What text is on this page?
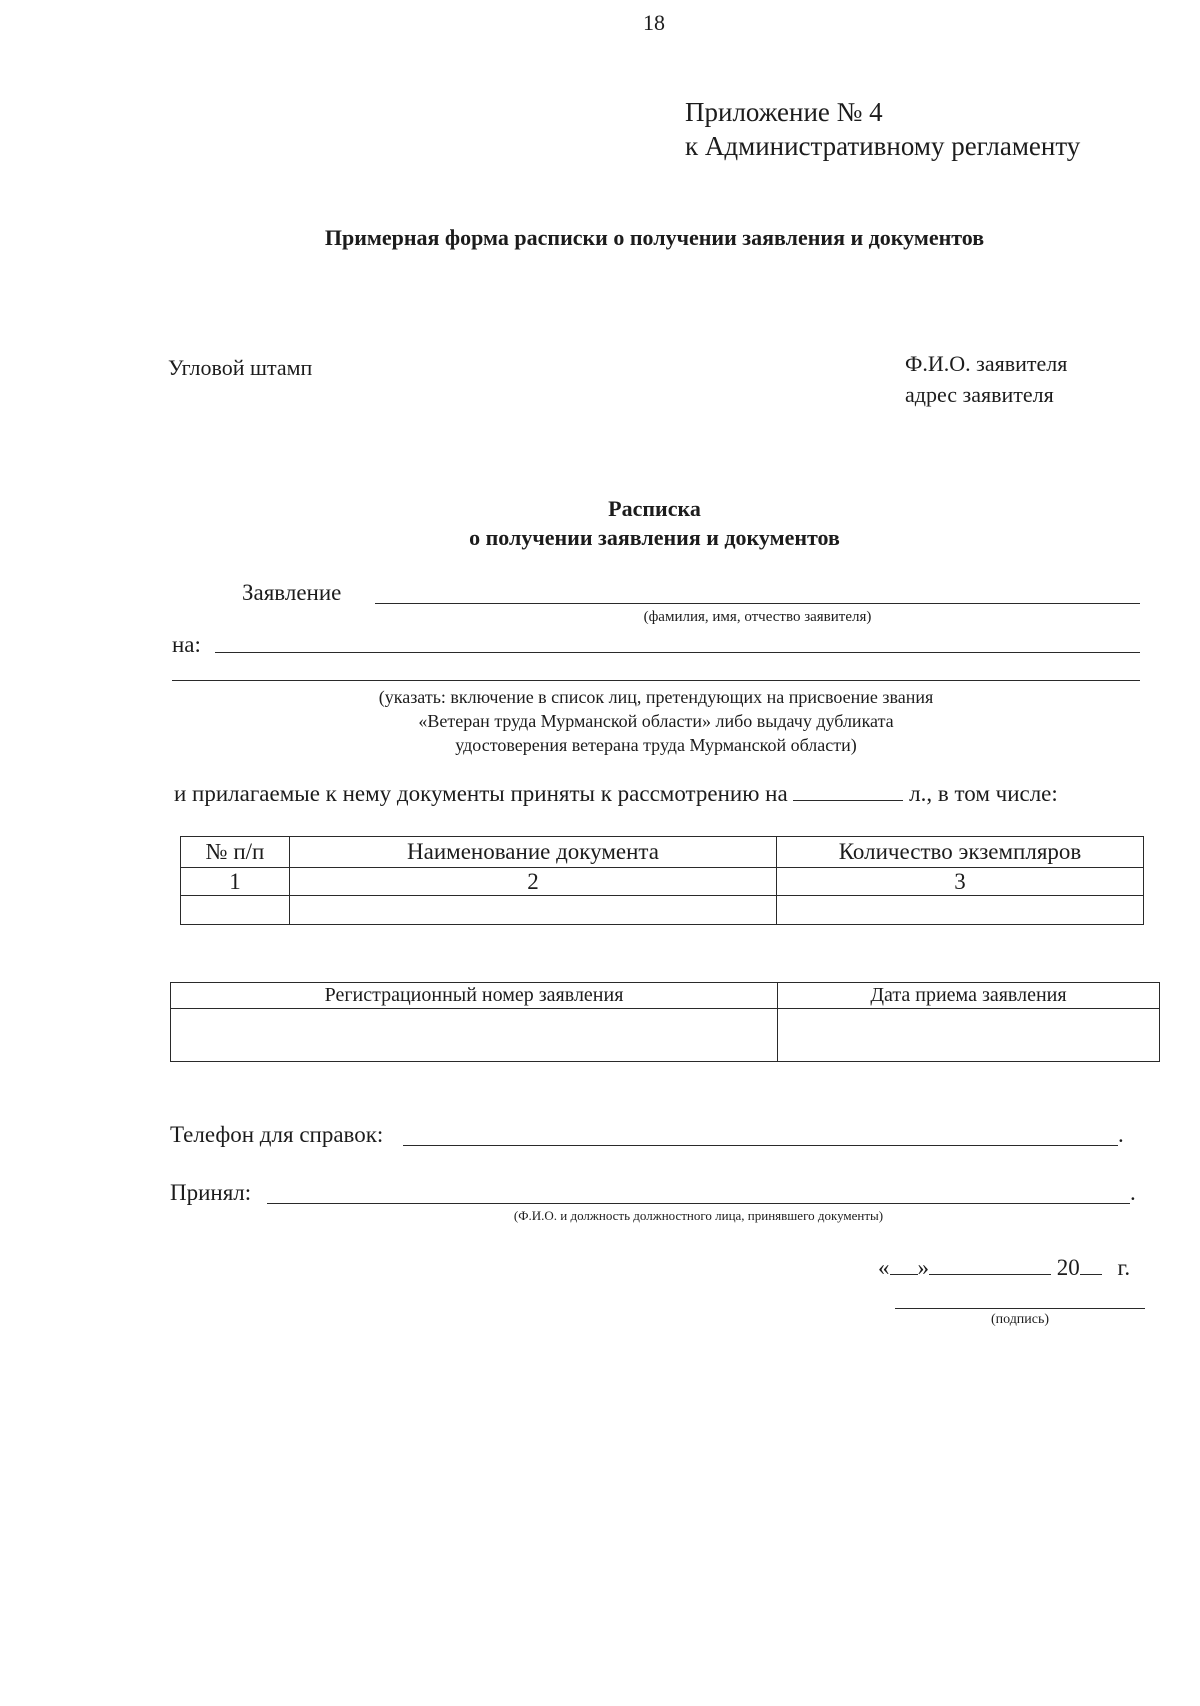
18
Приложение № 4
к Административному регламенту
Примерная форма расписки о получении заявления и документов
Угловой штамп	Ф.И.О. заявителя
адрес заявителя
Расписка
о получении заявления и документов
Заявление
(фамилия, имя, отчество заявителя)
на:
(указать: включение в список лиц, претендующих на присвоение звания
«Ветеран труда Мурманской области» либо выдачу дубликата
удостоверения ветерана труда Мурманской области)
и прилагаемые к нему документы приняты к рассмотрению на	л., в том числе:
№ п/п	Наименование документа	Количество экземпляров
1	2	3

Регистрационный номер заявления	Дата приема заявления

Телефон для справок:	.
Принял:	.
(Ф.И.О. и должность должностного лица, принявшего документы)
« »	20 г.
(подпись)
